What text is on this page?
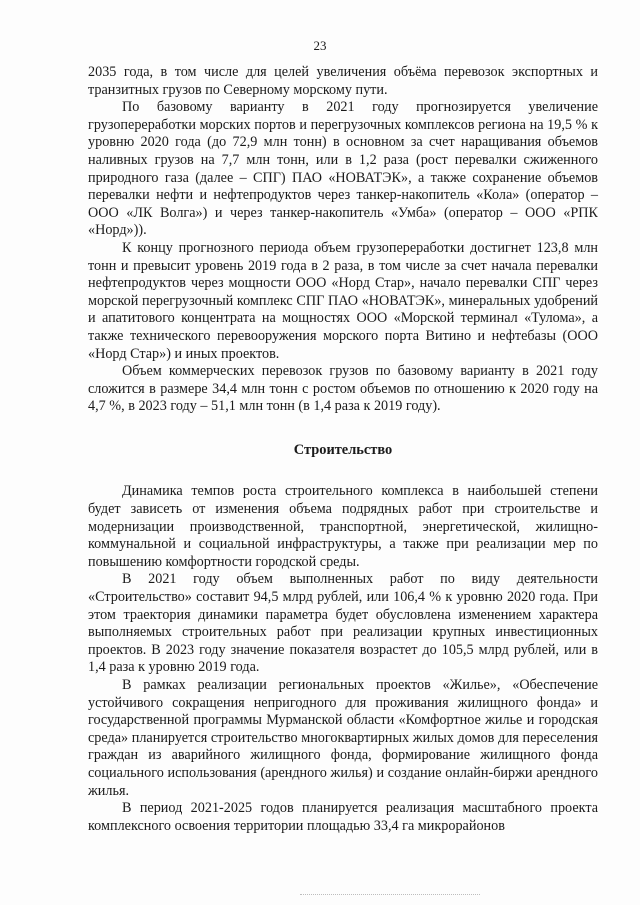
23

2035 года, в том числе для целей увеличения объёма перевозок экспортных и транзитных грузов по Северному морскому пути.

По базовому варианту в 2021 году прогнозируется увеличение грузопереработки морских портов и перегрузочных комплексов региона на 19,5 % к уровню 2020 года (до 72,9 млн тонн) в основном за счет наращивания объемов наливных грузов на 7,7 млн тонн, или в 1,2 раза (рост перевалки сжиженного природного газа (далее – СПГ) ПАО «НОВАТЭК», а также сохранение объемов перевалки нефти и нефтепродуктов через танкер-накопитель «Кола» (оператор – ООО «ЛК Волга») и через танкер-накопитель «Умба» (оператор – ООО «РПК «Норд»)).

К концу прогнозного периода объем грузопереработки достигнет 123,8 млн тонн и превысит уровень 2019 года в 2 раза, в том числе за счет начала перевалки нефтепродуктов через мощности ООО «Норд Стар», начало перевалки СПГ через морской перегрузочный комплекс СПГ ПАО «НОВАТЭК», минеральных удобрений и апатитового концентрата на мощностях ООО «Морской терминал «Тулома», а также технического перевооружения морского порта Витино и нефтебазы (ООО «Норд Стар») и иных проектов.

Объем коммерческих перевозок грузов по базовому варианту в 2021 году сложится в размере 34,4 млн тонн с ростом объемов по отношению к 2020 году на 4,7 %, в 2023 году – 51,1 млн тонн (в 1,4 раза к 2019 году).

Строительство

Динамика темпов роста строительного комплекса в наибольшей степени будет зависеть от изменения объема подрядных работ при строительстве и модернизации производственной, транспортной, энергетической, жилищно-коммунальной и социальной инфраструктуры, а также при реализации мер по повышению комфортности городской среды.

В 2021 году объем выполненных работ по виду деятельности «Строительство» составит 94,5 млрд рублей, или 106,4 % к уровню 2020 года. При этом траектория динамики параметра будет обусловлена изменением характера выполняемых строительных работ при реализации крупных инвестиционных проектов. В 2023 году значение показателя возрастет до 105,5 млрд рублей, или в 1,4 раза к уровню 2019 года.

В рамках реализации региональных проектов «Жилье», «Обеспечение устойчивого сокращения непригодного для проживания жилищного фонда» и государственной программы Мурманской области «Комфортное жилье и городская среда» планируется строительство многоквартирных жилых домов для переселения граждан из аварийного жилищного фонда, формирование жилищного фонда социального использования (арендного жилья) и создание онлайн-биржи арендного жилья.

В период 2021-2025 годов планируется реализация масштабного проекта комплексного освоения территории площадью 33,4 га микрорайонов
